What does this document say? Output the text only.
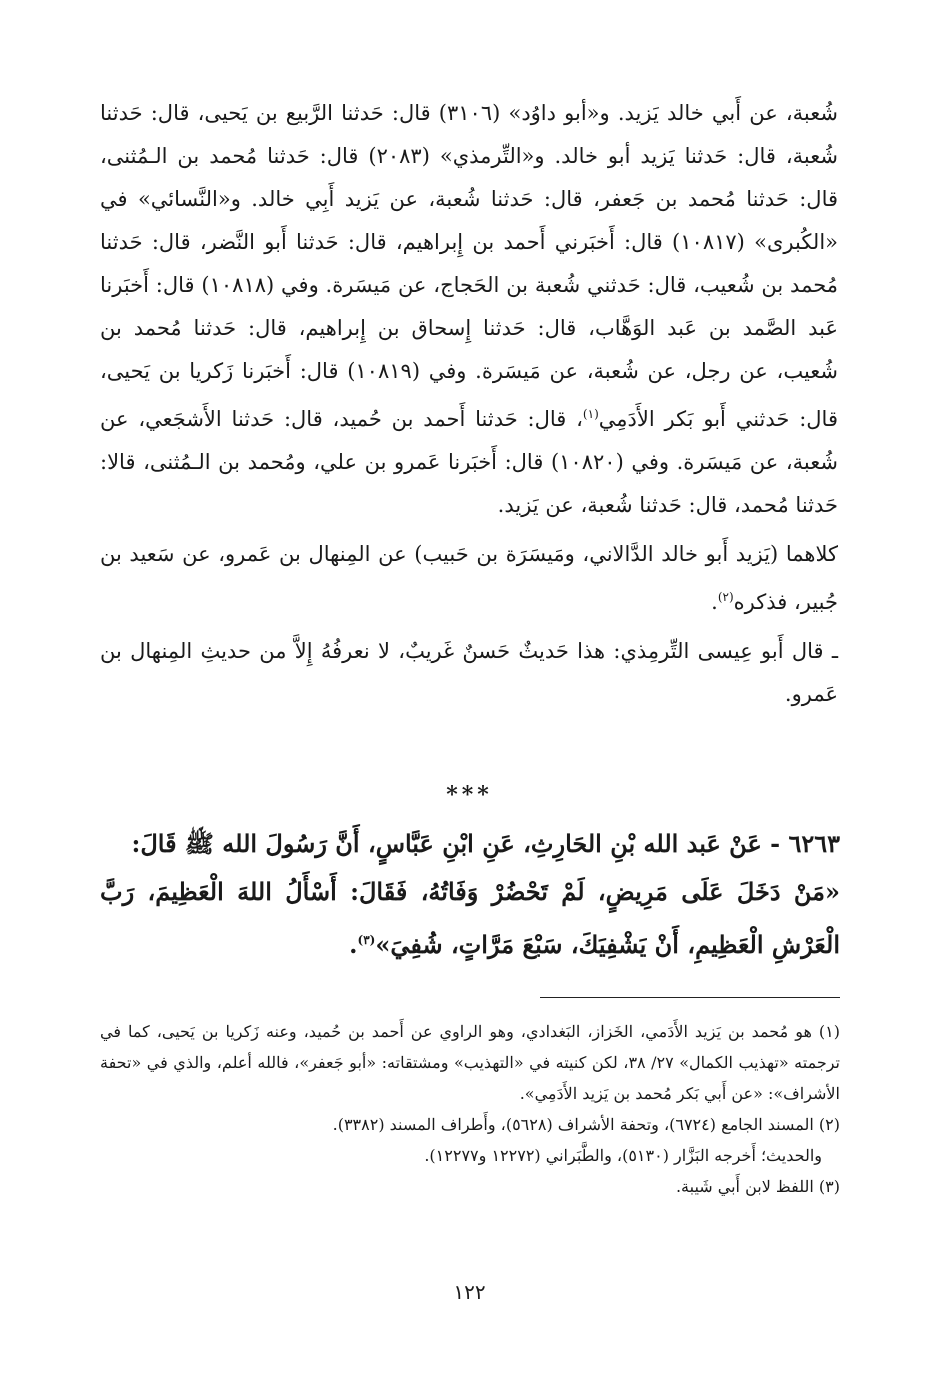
شُعبة، عن أَبي خالد يَزيد. و«أبو داوُد» (٣١٠٦) قال: حَدثنا الرَّبيع بن يَحيى، قال: حَدثنا شُعبة، قال: حَدثنا يَزيد أبو خالد. و«التِّرمذي» (٢٠٨٣) قال: حَدثنا مُحمد بن الـمُثنى، قال: حَدثنا مُحمد بن جَعفر، قال: حَدثنا شُعبة، عن يَزيد أَبِي خالد. و«النَّسائي» في «الكُبرى» (١٠٨١٧) قال: أَخبَرني أَحمد بن إِبراهيم، قال: حَدثنا أَبو النَّضر، قال: حَدثنا مُحمد بن شُعيب، قال: حَدثني شُعبة بن الحَجاج، عن مَيسَرة. وفي (١٠٨١٨) قال: أَخبَرنا عَبد الصَّمد بن عَبد الوَهَّاب، قال: حَدثنا إِسحاق بن إِبراهيم، قال: حَدثنا مُحمد بن شُعيب، عن رجل، عن شُعبة، عن مَيسَرة. وفي (١٠٨١٩) قال: أَخبَرنا زَكريا بن يَحيى، قال: حَدثني أَبو بَكر الأَدَمِي$^{(١)}$، قال: حَدثنا أَحمد بن حُميد، قال: حَدثنا الأَشجَعي، عن شُعبة، عن مَيسَرة. وفي (١٠٨٢٠) قال: أَخبَرنا عَمرو بن علي، ومُحمد بن الـمُثنى، قالا: حَدثنا مُحمد، قال: حَدثنا شُعبة، عن يَزيد.

كلاهما (يَزيد أَبو خالد الدَّالاني، ومَيسَرَة بن حَبيب) عن المِنهال بن عَمرو، عن سَعيد بن جُبير، فذكره$^{(٢)}$.

ـ قال أَبو عِيسى التِّرمِذي: هذا حَديثٌ حَسنٌ غَريبٌ، لا نعرفُهُ إِلاَّ من حديثِ المِنهال بن عَمرو.

***

٦٢٦٣ - عَنْ عَبد الله بْنِ الحَارِثِ، عَنِ ابْنِ عَبَّاسٍ، أَنَّ رَسُولَ الله ﷺ قَالَ:

«مَنْ دَخَلَ عَلَى مَرِيضٍ، لَمْ تَحْضُرْ وَفَاتُهُ، فَقَالَ: أَسْأَلُ اللهَ الْعَظِيمَ، رَبَّ الْعَرْشِ الْعَظِيمِ، أَنْ يَشْفِيَكَ، سَبْعَ مَرَّاتٍ، شُفِيَ»$^{(٣)}$.

(١) هو مُحمد بن يَزيد الأَدَمي، الخَزاز، البَغدادي، وهو الراوي عن أَحمد بن حُميد، وعنه زَكريا بن يَحيى، كما في ترجمته «تهذيب الكمال» ٢٧/ ٣٨، لكن كنيته في «التهذيب» ومشتقاته: «أبو جَعفر»، فالله أعلم، والذي في «تحفة الأشراف»: «عن أَبي بَكر مُحمد بن يَزيد الأَدَمِي».

(٢) المسند الجامع (٦٧٢٤)، وتحفة الأشراف (٥٦٢٨)، وأَطراف المسند (٣٣٨٢).

والحديث؛ أَخرجه البَزَّار (٥١٣٠)، والطَّبَراني (١٢٢٧٢ و١٢٢٧٧).

(٣) اللفظ لابن أَبي شَيبة.

١٢٢
